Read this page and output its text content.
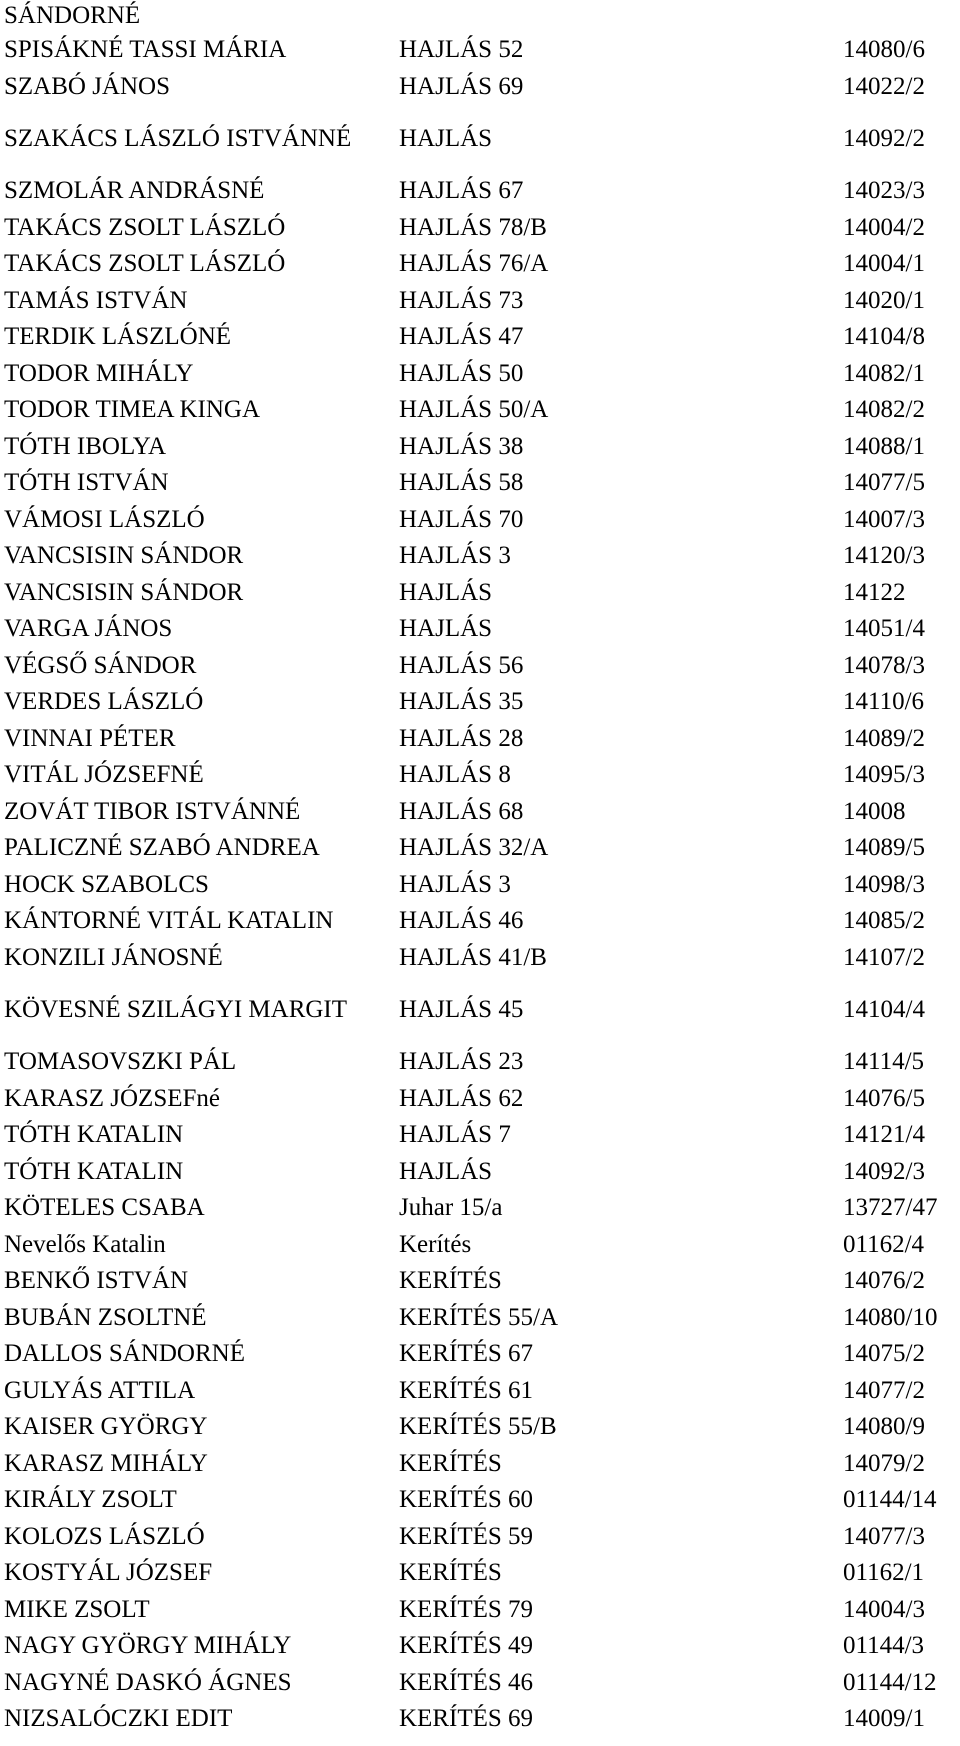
SÁNDORNÉ
SPISÁKNÉ TASSI MÁRIA	HAJLÁS 52	14080/6
SZABÓ JÁNOS	HAJLÁS 69	14022/2
SZAKÁCS LÁSZLÓ ISTVÁNNÉ	HAJLÁS	14092/2
SZMOLÁR ANDRÁSNÉ	HAJLÁS 67	14023/3
TAKÁCS ZSOLT LÁSZLÓ	HAJLÁS 78/B	14004/2
TAKÁCS ZSOLT LÁSZLÓ	HAJLÁS 76/A	14004/1
TAMÁS ISTVÁN	HAJLÁS 73	14020/1
TERDIK LÁSZLÓNÉ	HAJLÁS 47	14104/8
TODOR MIHÁLY	HAJLÁS 50	14082/1
TODOR TIMEA KINGA	HAJLÁS 50/A	14082/2
TÓTH IBOLYA	HAJLÁS 38	14088/1
TÓTH ISTVÁN	HAJLÁS 58	14077/5
VÁMOSI LÁSZLÓ	HAJLÁS 70	14007/3
VANCSISIN SÁNDOR	HAJLÁS 3	14120/3
VANCSISIN SÁNDOR	HAJLÁS	14122
VARGA JÁNOS	HAJLÁS	14051/4
VÉGSŐ SÁNDOR	HAJLÁS 56	14078/3
VERDES LÁSZLÓ	HAJLÁS 35	14110/6
VINNAI PÉTER	HAJLÁS 28	14089/2
VITÁL JÓZSEFNÉ	HAJLÁS 8	14095/3
ZOVÁT TIBOR ISTVÁNNÉ	HAJLÁS 68	14008
PALICZNÉ SZABÓ ANDREA	HAJLÁS 32/A	14089/5
HOCK SZABOLCS	HAJLÁS 3	14098/3
KÁNTORNÉ VITÁL KATALIN	HAJLÁS 46	14085/2
KONZILI JÁNOSNÉ	HAJLÁS 41/B	14107/2
KÖVESNÉ SZILÁGYI MARGIT	HAJLÁS 45	14104/4
TOMASOVSZKI PÁL	HAJLÁS 23	14114/5
KARASZ JÓZSEFné	HAJLÁS 62	14076/5
TÓTH KATALIN	HAJLÁS 7	14121/4
TÓTH KATALIN	HAJLÁS	14092/3
KÖTELES CSABA	Juhar 15/a	13727/47
Nevelős Katalin	Kerítés	01162/4
BENKŐ ISTVÁN	KERÍTÉS	14076/2
BUBÁN ZSOLTNÉ	KERÍTÉS 55/A	14080/10
DALLOS SÁNDORNÉ	KERÍTÉS 67	14075/2
GULYÁS ATTILA	KERÍTÉS 61	14077/2
KAISER GYÖRGY	KERÍTÉS 55/B	14080/9
KARASZ MIHÁLY	KERÍTÉS	14079/2
KIRÁLY ZSOLT	KERÍTÉS 60	01144/14
KOLOZS LÁSZLÓ	KERÍTÉS 59	14077/3
KOSTYÁL JÓZSEF	KERÍTÉS	01162/1
MIKE ZSOLT	KERÍTÉS 79	14004/3
NAGY GYÖRGY MIHÁLY	KERÍTÉS 49	01144/3
NAGYNÉ DASKÓ ÁGNES	KERÍTÉS 46	01144/12
NIZSALÓCZKI EDIT	KERÍTÉS 69	14009/1
